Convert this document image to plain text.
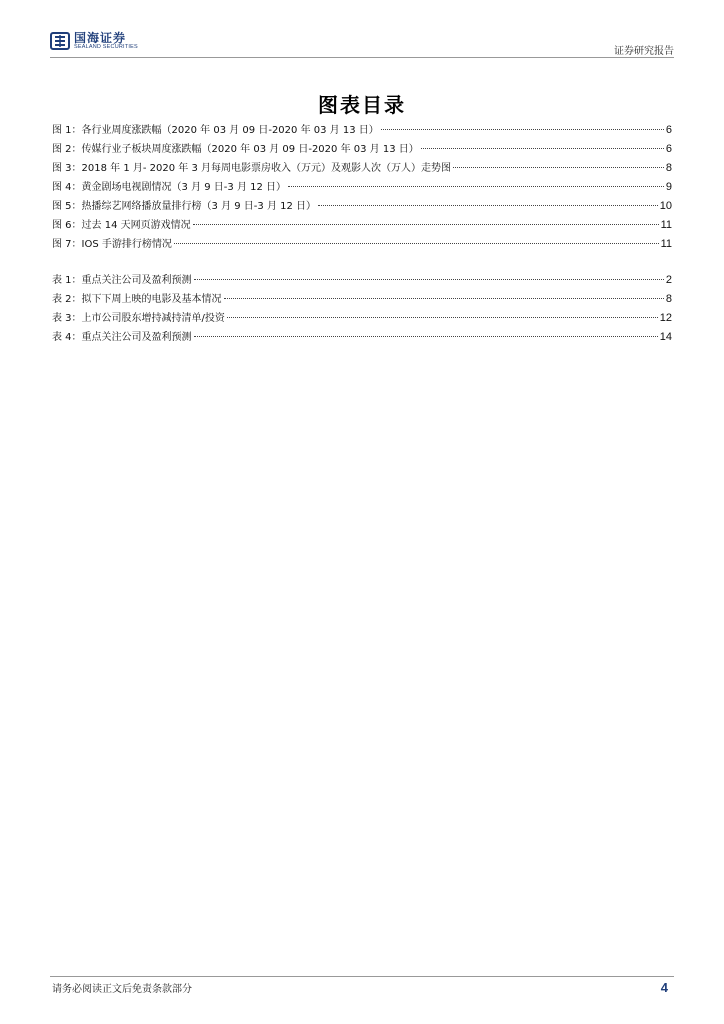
国海证券
SEALAND SECURITIES	证券研究报告
图表目录
图 1：各行业周度涨跌幅（2020 年 03 月 09 日-2020 年 03 月 13 日）	6
图 2：传媒行业子板块周度涨跌幅（2020 年 03 月 09 日-2020 年 03 月 13 日）	6
图 3：2018 年 1 月- 2020 年 3 月每周电影票房收入（万元）及观影人次（万人）走势图	8
图 4：黄金剧场电视剧情况（3 月 9 日-3 月 12 日）	9
图 5：热播综艺网络播放量排行榜（3 月 9 日-3 月 12 日）	10
图 6：过去 14 天网页游戏情况	11
图 7：IOS 手游排行榜情况	11
表 1：重点关注公司及盈利预测	2
表 2：拟下下周上映的电影及基本情况	8
表 3：上市公司股东增持减持清单/投资	12
表 4：重点关注公司及盈利预测	14
请务必阅读正文后免责条款部分	4
